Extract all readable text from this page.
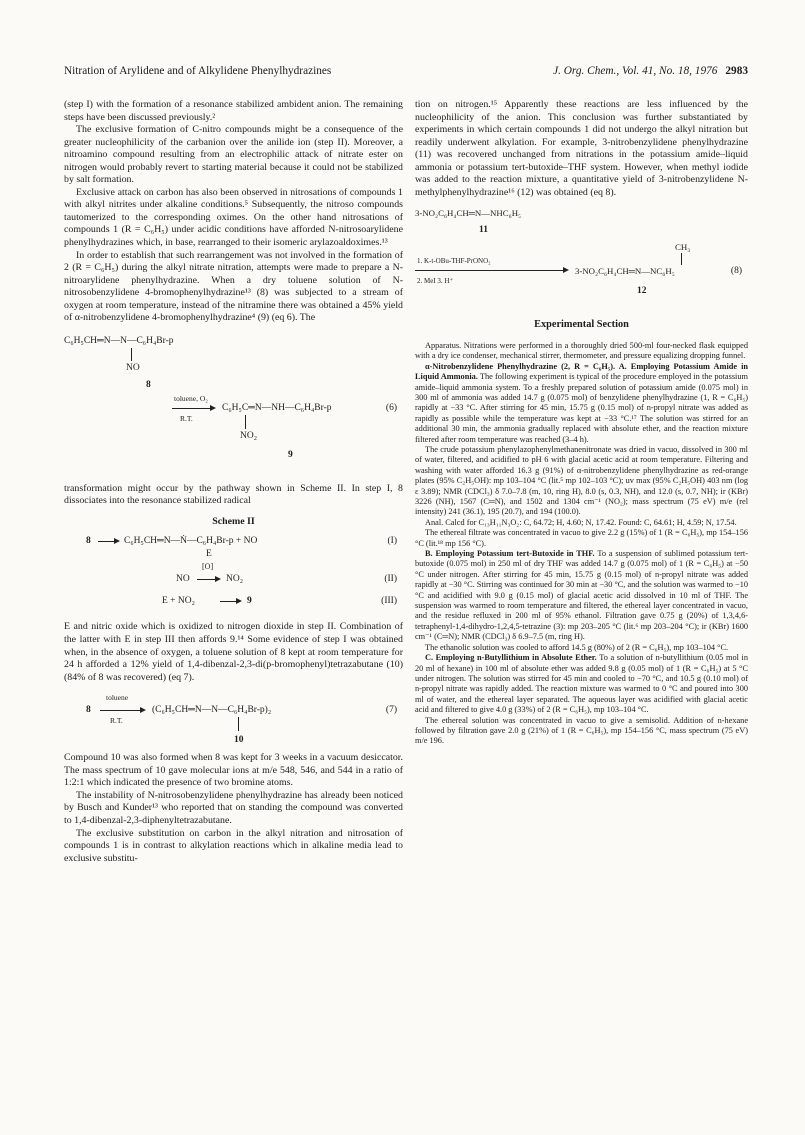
Nitration of Arylidene and of Alkylidene Phenylhydrazines	J. Org. Chem., Vol. 41, No. 18, 1976 2983

(step I) with the formation of a resonance stabilized ambident anion. The remaining steps have been discussed previously.²

The exclusive formation of C-nitro compounds might be a consequence of the greater nucleophilicity of the carbanion over the anilide ion (step II). Moreover, a nitroamino compound resulting from an electrophilic attack of nitrate ester on nitrogen would probably revert to starting material because it could not be stabilized by salt formation.

Exclusive attack on carbon has also been observed in nitrosations of compounds 1 with alkyl nitrites under alkaline conditions.⁵ Subsequently, the nitroso compounds tautomerized to the corresponding oximes. On the other hand nitrosations of compounds 1 (R = C₆H₅) under acidic conditions have afforded N-nitrosoarylidene phenylhydrazines which, in base, rearranged to their isomeric arylazoaldoximes.¹³

In order to establish that such rearrangement was not involved in the formation of 2 (R = C₆H₅) during the alkyl nitrate nitration, attempts were made to prepare a N-nitroarylidene phenylhydrazine. When a dry toluene solution of N-nitrosobenzylidene 4-bromophenylhydrazine¹³ (8) was subjected to a stream of oxygen at room temperature, instead of the nitramine there was obtained a 45% yield of α-nitrobenzylidene 4-bromophenylhydrazine⁴ (9) (eq 6). The

C₆H₅CH═N—N—C₆H₄Br-p
NO
8
toluene, O₂
R.T.
C₆H₅C═N—NH—C₆H₄Br-p
NO₂
9
(6)

transformation might occur by the pathway shown in Scheme II. In step I, 8 dissociates into the resonance stabilized radical

Scheme II
8	C₆H₅CH═N—Ṅ—C₆H₄Br-p + NO
E
(I)
[O]
NO	NO₂	(II)
E + NO₂	9	(III)

E and nitric oxide which is oxidized to nitrogen dioxide in step II. Combination of the latter with E in step III then affords 9.¹⁴ Some evidence of step I was obtained when, in the absence of oxygen, a toluene solution of 8 kept at room temperature for 24 h afforded a 12% yield of 1,4-dibenzal-2,3-di(p-bromophenyl)tetrazabutane (10) (84% of 8 was recovered) (eq 7).

8
toluene
R.T.
(C₆H₅CH═N—N—C₆H₄Br-p)₂
10
(7)

Compound 10 was also formed when 8 was kept for 3 weeks in a vacuum desiccator. The mass spectrum of 10 gave molecular ions at m/e 548, 546, and 544 in a ratio of 1:2:1 which indicated the presence of two bromine atoms.

The instability of N-nitrosobenzylidene phenylhydrazine has already been noticed by Busch and Kunder¹³ who reported that on standing the compound was converted to 1,4-dibenzal-2,3-diphenyltetrazabutane.

The exclusive substitution on carbon in the alkyl nitration and nitrosation of compounds 1 is in contrast to alkylation reactions which in alkaline media lead to exclusive substitu-

tion on nitrogen.¹⁵ Apparently these reactions are less influenced by the nucleophilicity of the anion. This conclusion was further substantiated by experiments in which certain compounds 1 did not undergo the alkyl nitration but readily underwent alkylation. For example, 3-nitrobenzylidene phenylhydrazine (11) was recovered unchanged from nitrations in the potassium amide–liquid ammonia or potassium tert-butoxide–THF system. However, when methyl iodide was added to the reaction mixture, a quantitative yield of 3-nitrobenzylidene N-methylphenylhydrazine¹⁶ (12) was obtained (eq 8).

3-NO₂C₆H₄CH═N—NHC₆H₅
11
CH₃
1. K-t-OBu-THF-PrONO₂
2. MeI 3. H⁺
3-NO₂C₆H₄CH═N—NC₆H₅
12
(8)
Experimental Section

Apparatus. Nitrations were performed in a thoroughly dried 500-ml four-necked flask equipped with a dry ice condenser, mechanical stirrer, thermometer, and pressure equalizing dropping funnel.

α-Nitrobenzylidene Phenylhydrazine (2, R = C₆H₅). A. Employing Potassium Amide in Liquid Ammonia. The following experiment is typical of the procedure employed in the potassium amide–liquid ammonia system. To a freshly prepared solution of potassium amide (0.075 mol) in 300 ml of ammonia was added 14.7 g (0.075 mol) of benzylidene phenylhydrazine (1, R = C₆H₅) rapidly at −33 °C. After stirring for 45 min, 15.75 g (0.15 mol) of n-propyl nitrate was added as rapidly as possible while the temperature was kept at −33 °C.¹⁷ The solution was stirred for an additional 30 min, the ammonia gradually replaced with absolute ether, and the reaction mixture filtered after room temperature was reached (3–4 h).

The crude potassium phenylazophenylmethanenitronate was dried in vacuo, dissolved in 300 ml of water, filtered, and acidified to pH 6 with glacial acetic acid at room temperature. Filtering and washing with water afforded 16.3 g (91%) of α-nitrobenzylidene phenylhydrazine as red-orange plates (95% C₂H₅OH): mp 103–104 °C (lit.⁵ mp 102–103 °C); uv max (95% C₂H₅OH) 403 nm (log ε 3.89); NMR (CDCl₃) δ 7.0–7.8 (m, 10, ring H), 8.0 (s, 0.3, NH), and 12.0 (s, 0.7, NH); ir (KBr) 3226 (NH), 1567 (C═N), and 1502 and 1304 cm⁻¹ (NO₂); mass spectrum (75 eV) m/e (rel intensity) 241 (36.1), 195 (20.7), and 194 (100.0).

Anal. Calcd for C₁₃H₁₁N₃O₂: C, 64.72; H, 4.60; N, 17.42. Found: C, 64.61; H, 4.59; N, 17.54.

The ethereal filtrate was concentrated in vacuo to give 2.2 g (15%) of 1 (R = C₆H₅), mp 154–156 °C (lit.¹⁸ mp 156 °C).

B. Employing Potassium tert-Butoxide in THF. To a suspension of sublimed potassium tert-butoxide (0.075 mol) in 250 ml of dry THF was added 14.7 g (0.075 mol) of 1 (R = C₆H₅) at −50 °C under nitrogen. After stirring for 45 min, 15.75 g (0.15 mol) of n-propyl nitrate was added rapidly at −30 °C. Stirring was continued for 30 min at −30 °C, and the solution was warmed to −10 °C and acidified with 9.0 g (0.15 mol) of glacial acetic acid dissolved in 10 ml of THF. The suspension was warmed to room temperature and filtered, the ethereal layer concentrated in vacuo, and the residue refluxed in 200 ml of 95% ethanol. Filtration gave 0.75 g (20%) of 1,3,4,6-tetraphenyl-1,4-dihydro-1,2,4,5-tetrazine (3): mp 203–205 °C (lit.⁶ mp 203–204 °C); ir (KBr) 1600 cm⁻¹ (C═N); NMR (CDCl₃) δ 6.9–7.5 (m, ring H).

The ethanolic solution was cooled to afford 14.5 g (80%) of 2 (R = C₆H₅), mp 103–104 °C.

C. Employing n-Butyllithium in Absolute Ether. To a solution of n-butyllithium (0.05 mol in 20 ml of hexane) in 100 ml of absolute ether was added 9.8 g (0.05 mol) of 1 (R = C₆H₅) at 5 °C under nitrogen. The solution was stirred for 45 min and cooled to −70 °C, and 10.5 g (0.10 mol) of n-propyl nitrate was rapidly added. The reaction mixture was warmed to 0 °C and poured into 300 ml of water, and the ethereal layer separated. The aqueous layer was acidified with glacial acetic acid and filtered to give 4.0 g (33%) of 2 (R = C₆H₅), mp 103–104 °C.

The ethereal solution was concentrated in vacuo to give a semisolid. Addition of n-hexane followed by filtration gave 2.0 g (21%) of 1 (R = C₆H₅), mp 154–156 °C, mass spectrum (75 eV) m/e 196.
